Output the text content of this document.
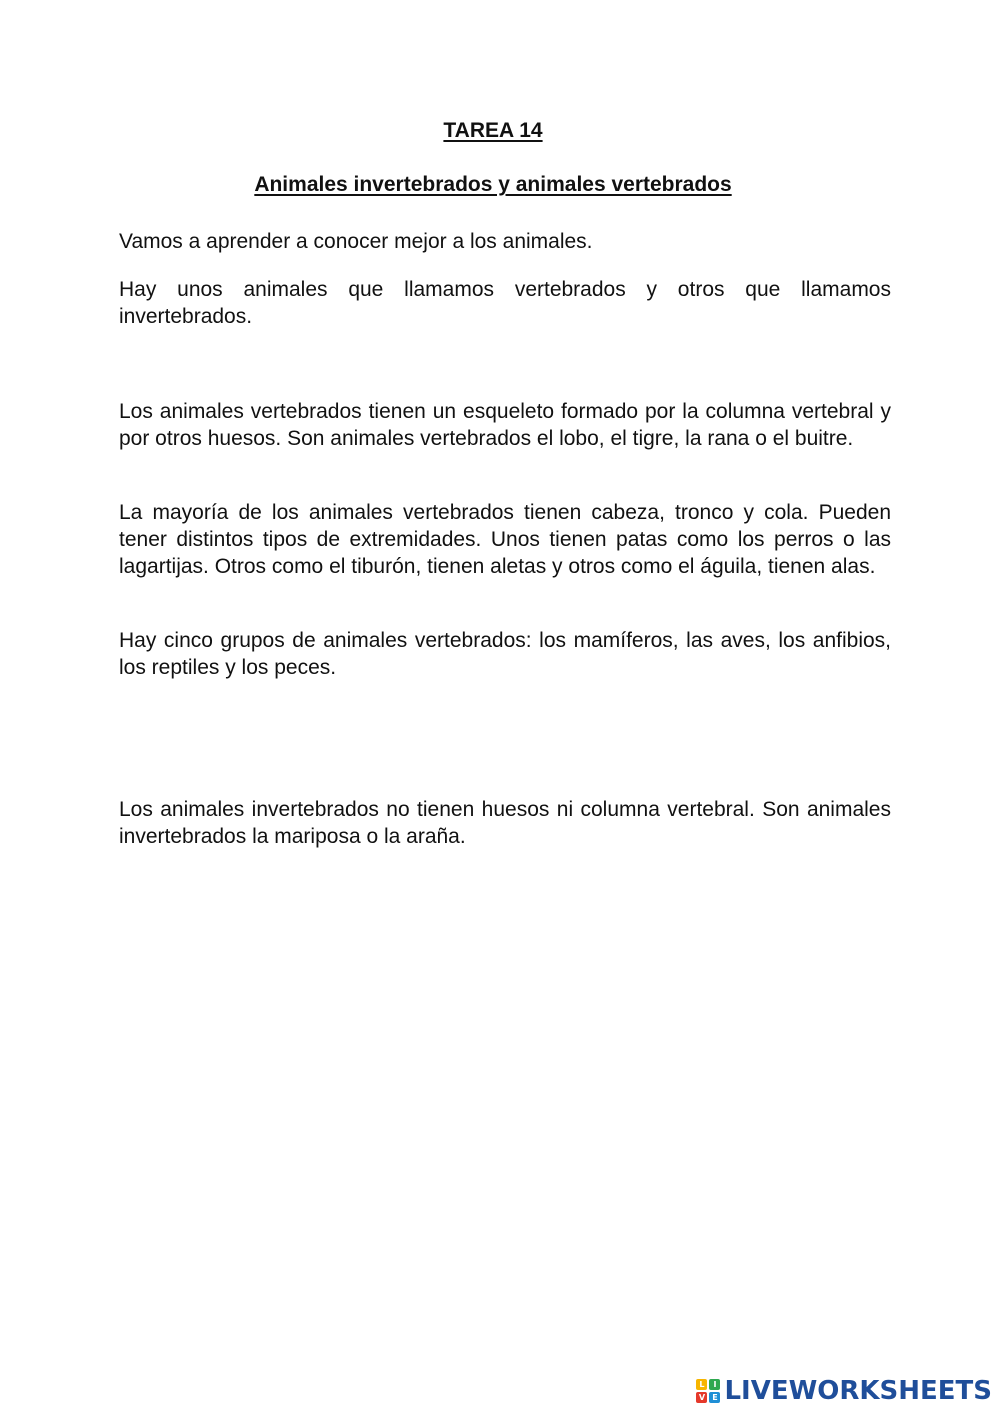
TAREA 14
Animales invertebrados y animales vertebrados

Vamos a aprender a conocer mejor a los animales.

Hay unos animales que llamamos vertebrados y otros que llamamos invertebrados.

Los animales vertebrados tienen un esqueleto formado por la columna vertebral y por otros huesos. Son animales vertebrados el lobo, el tigre, la rana o el buitre.

La mayoría de los animales vertebrados tienen cabeza, tronco y cola. Pueden tener distintos tipos de extremidades. Unos tienen patas como los perros o las lagartijas. Otros como el tiburón, tienen aletas y otros como el águila, tienen alas.

Hay cinco grupos de animales vertebrados: los mamíferos, las aves, los anfibios, los reptiles y los peces.

Los animales invertebrados no tienen huesos ni columna vertebral. Son animales invertebrados la mariposa o la araña.

L	I
V E LIVEWORKSHEETS
